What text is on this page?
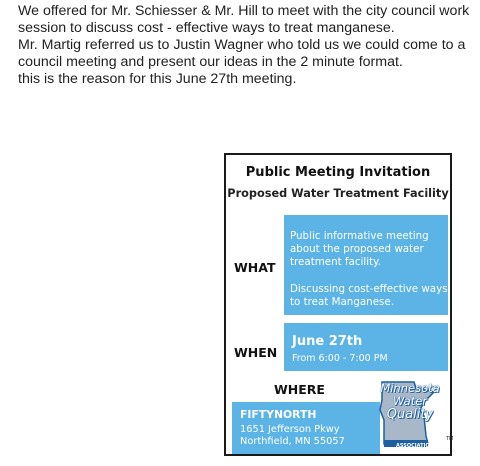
We offered for Mr. Schiesser & Mr. Hill to meet with the city council work session to discuss cost - effective ways to treat manganese.

Mr. Martig referred us to Justin Wagner who told us we could come to a council meeting and present our ideas in the 2 minute format.

this is the reason for this June 27th meeting.

Public Meeting Invitation
Proposed Water Treatment Facility
WHAT
Public informative meeting about the proposed water treatment facility.
Discussing cost-effective ways to treat Manganese.
WHEN
June 27th
From 6:00 - 7:00 PM
WHERE
FIFTYNORTH
1651 Jefferson Pkwy
Northfield, MN 55057
Minnesota
Water
Quality
ASSOCIATION
TM
